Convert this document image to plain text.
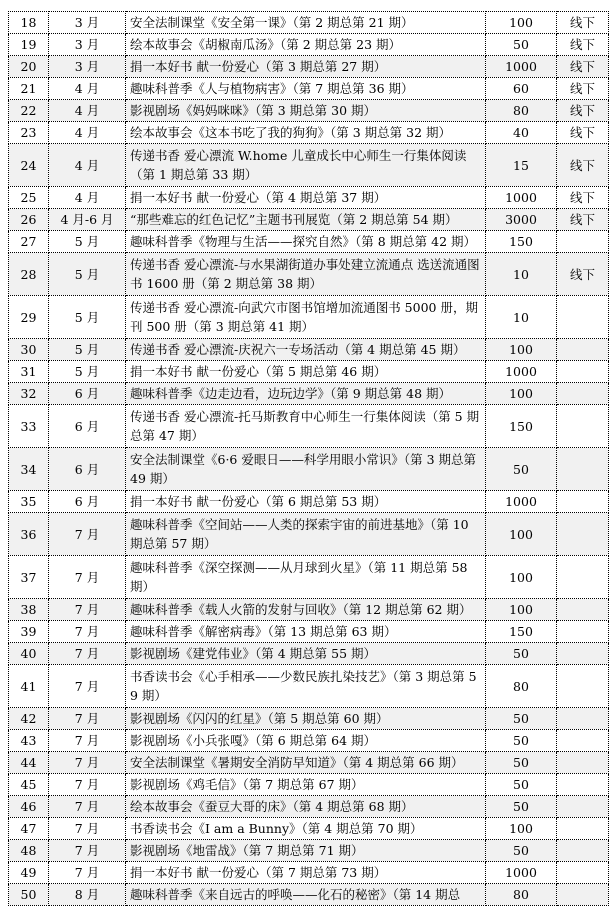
18	3 月	安全法制课堂《安全第一课》（第 2 期总第 21 期）	100	线下
19	3 月	绘本故事会《胡椒南瓜汤》（第 2 期总第 23 期）	50	线下
20	3 月	捐一本好书 献一份爱心（第 3 期总第 27 期）	1000	线下
21	4 月	趣味科普季《人与植物病害》（第 7 期总第 36 期）	60	线下
22	4 月	影视剧场《妈妈咪咪》（第 3 期总第 30 期）	80	线下
23	4 月	绘本故事会《这本书吃了我的狗狗》（第 3 期总第 32 期）	40	线下
24	4 月	传递书香 爱心漂流 W.home 儿童成长中心师生一行集体阅读（第 1 期总第 33 期）	15	线下
25	4 月	捐一本好书 献一份爱心（第 4 期总第 37 期）	1000	线下
26	4 月-6 月	“那些难忘的红色记忆”主题书刊展览（第 2 期总第 54 期）	3000	线下
27	5 月	趣味科普季《物理与生活——探究自然》（第 8 期总第 42 期）	150	
28	5 月	传递书香 爱心漂流-与水果湖街道办事处建立流通点 选送流通图书 1600 册（第 2 期总第 38 期）	10	线下
29	5 月	传递书香 爱心漂流-向武穴市图书馆增加流通图书 5000 册，期刊 500 册（第 3 期总第 41 期）	10	
30	5 月	传递书香 爱心漂流-庆祝六一专场活动（第 4 期总第 45 期）	100	
31	5 月	捐一本好书 献一份爱心（第 5 期总第 46 期）	1000	
32	6 月	趣味科普季《边走边看，边玩边学》（第 9 期总第 48 期）	100	
33	6 月	传递书香 爱心漂流-托马斯教育中心师生一行集体阅读（第 5 期总第 47 期）	150	
34	6 月	安全法制课堂《6·6 爱眼日——科学用眼小常识》（第 3 期总第 49 期）	50	
35	6 月	捐一本好书 献一份爱心（第 6 期总第 53 期）	1000	
36	7 月	趣味科普季《空间站——人类的探索宇宙的前进基地》（第 10 期总第 57 期）	100	
37	7 月	趣味科普季《深空探测——从月球到火星》（第 11 期总第 58 期）	100	
38	7 月	趣味科普季《载人火箭的发射与回收》（第 12 期总第 62 期）	100	
39	7 月	趣味科普季《解密病毒》（第 13 期总第 63 期）	150	
40	7 月	影视剧场《建党伟业》（第 4 期总第 55 期）	50	
41	7 月	书香读书会《心手相承——少数民族扎染技艺》（第 3 期总第 59 期）	80	
42	7 月	影视剧场《闪闪的红星》（第 5 期总第 60 期）	50	
43	7 月	影视剧场《小兵张嘎》（第 6 期总第 64 期）	50	
44	7 月	安全法制课堂《暑期安全消防早知道》（第 4 期总第 66 期）	50	
45	7 月	影视剧场《鸡毛信》（第 7 期总第 67 期）	50	
46	7 月	绘本故事会《蚕豆大哥的床》（第 4 期总第 68 期）	50	
47	7 月	书香读书会《I am a Bunny》（第 4 期总第 70 期）	100	
48	7 月	影视剧场《地雷战》（第 7 期总第 71 期）	50	
49	7 月	捐一本好书 献一份爱心（第 7 期总第 73 期）	1000	
50	8 月	趣味科普季《来自远古的呼唤——化石的秘密》（第 14 期总	80	
